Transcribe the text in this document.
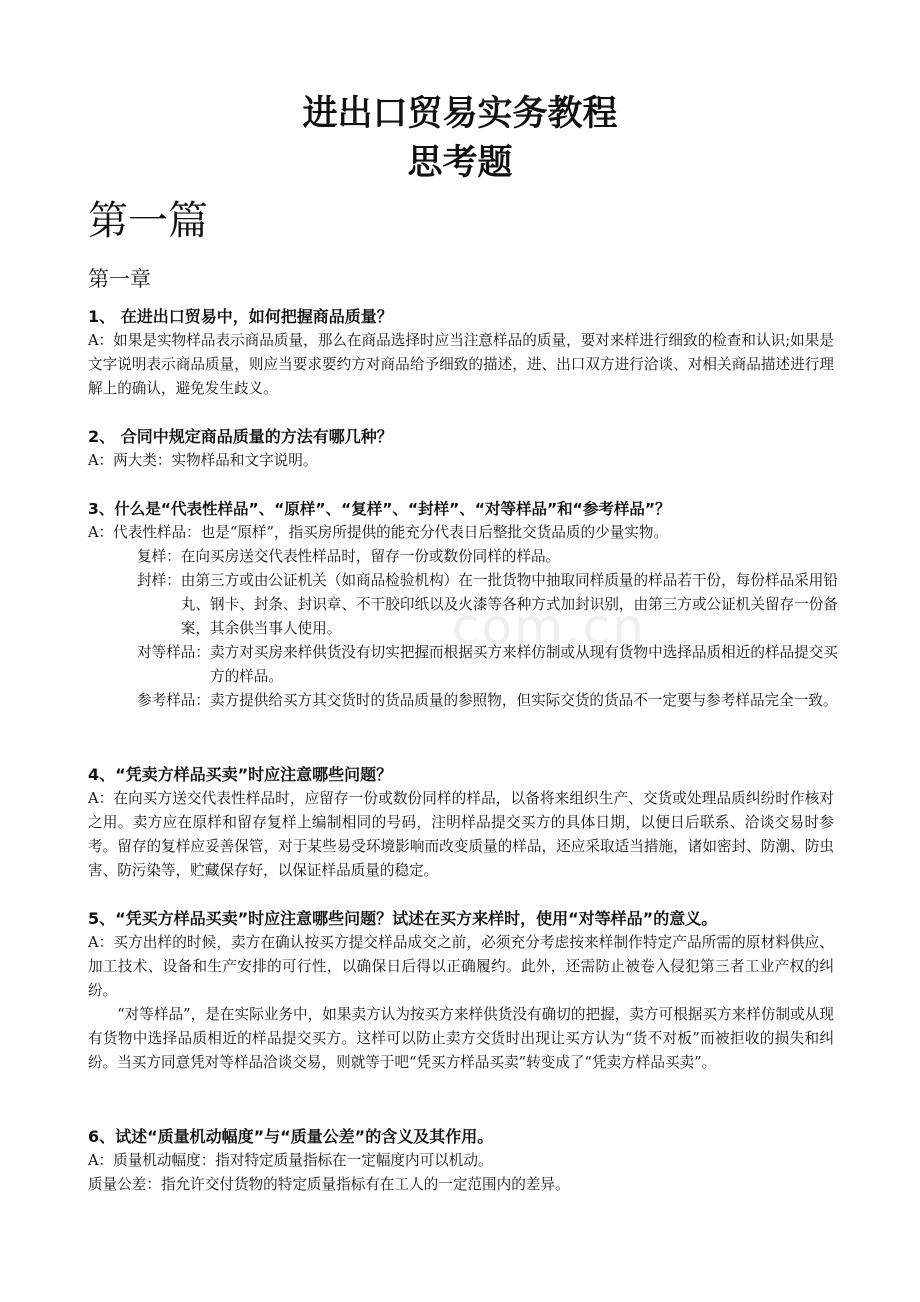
com.cn
进出口贸易实务教程
思考题
第一篇
第一章
1、 在进出口贸易中，如何把握商品质量？
A：如果是实物样品表示商品质量，那么在商品选择时应当注意样品的质量，要对来样进行细致的检查和认识;如果是文字说明表示商品质量，则应当要求要约方对商品给予细致的描述，进、出口双方进行洽谈、对相关商品描述进行理解上的确认，避免发生歧义。
2、 合同中规定商品质量的方法有哪几种？
A：两大类：实物样品和文字说明。
3、什么是“代表性样品”、“原样”、“复样”、“封样”、“对等样品”和“参考样品”？
A：代表性样品： 也是“原样”，指买房所提供的能充分代表日后整批交货品质的少量实物。
复样： 在向买房送交代表性样品时，留存一份或数份同样的样品。
封样： 由第三方或由公证机关（如商品检验机构）在一批货物中抽取同样质量的样品若干份，每份样品采用铅丸、钢卡、封条、封识章、不干胶印纸以及火漆等各种方式加封识别，由第三方或公证机关留存一份备案，其余供当事人使用。
对等样品： 卖方对买房来样供货没有切实把握而根据买方来样仿制或从现有货物中选择品质相近的样品提交买方的样品。
参考样品： 卖方提供给买方其交货时的货品质量的参照物，但实际交货的货品不一定要与参考样品完全一致。
4、“凭卖方样品买卖”时应注意哪些问题？
A：在向买方送交代表性样品时，应留存一份或数份同样的样品，以备将来组织生产、交货或处理品质纠纷时作核对之用。卖方应在原样和留存复样上编制相同的号码，注明样品提交买方的具体日期，以便日后联系、洽谈交易时参考。留存的复样应妥善保管，对于某些易受环境影响而改变质量的样品，还应采取适当措施，诸如密封、防潮、防虫害、防污染等，贮藏保存好，以保证样品质量的稳定。
5、“凭买方样品买卖”时应注意哪些问题？试述在买方来样时，使用“对等样品”的意义。
A：买方出样的时候，卖方在确认按买方提交样品成交之前，必须充分考虑按来样制作特定产品所需的原材料供应、加工技术、设备和生产安排的可行性，以确保日后得以正确履约。此外，还需防止被卷入侵犯第三者工业产权的纠纷。
“对等样品”，是在实际业务中，如果卖方认为按买方来样供货没有确切的把握，卖方可根据买方来样仿制或从现有货物中选择品质相近的样品提交买方。这样可以防止卖方交货时出现让买方认为“货不对板”而被拒收的损失和纠纷。当买方同意凭对等样品洽谈交易，则就等于吧“凭买方样品买卖”转变成了“凭卖方样品买卖”。
6、试述“质量机动幅度”与“质量公差”的含义及其作用。
A：质量机动幅度：指对特定质量指标在一定幅度内可以机动。
质量公差：指允许交付货物的特定质量指标有在工人的一定范围内的差异。
